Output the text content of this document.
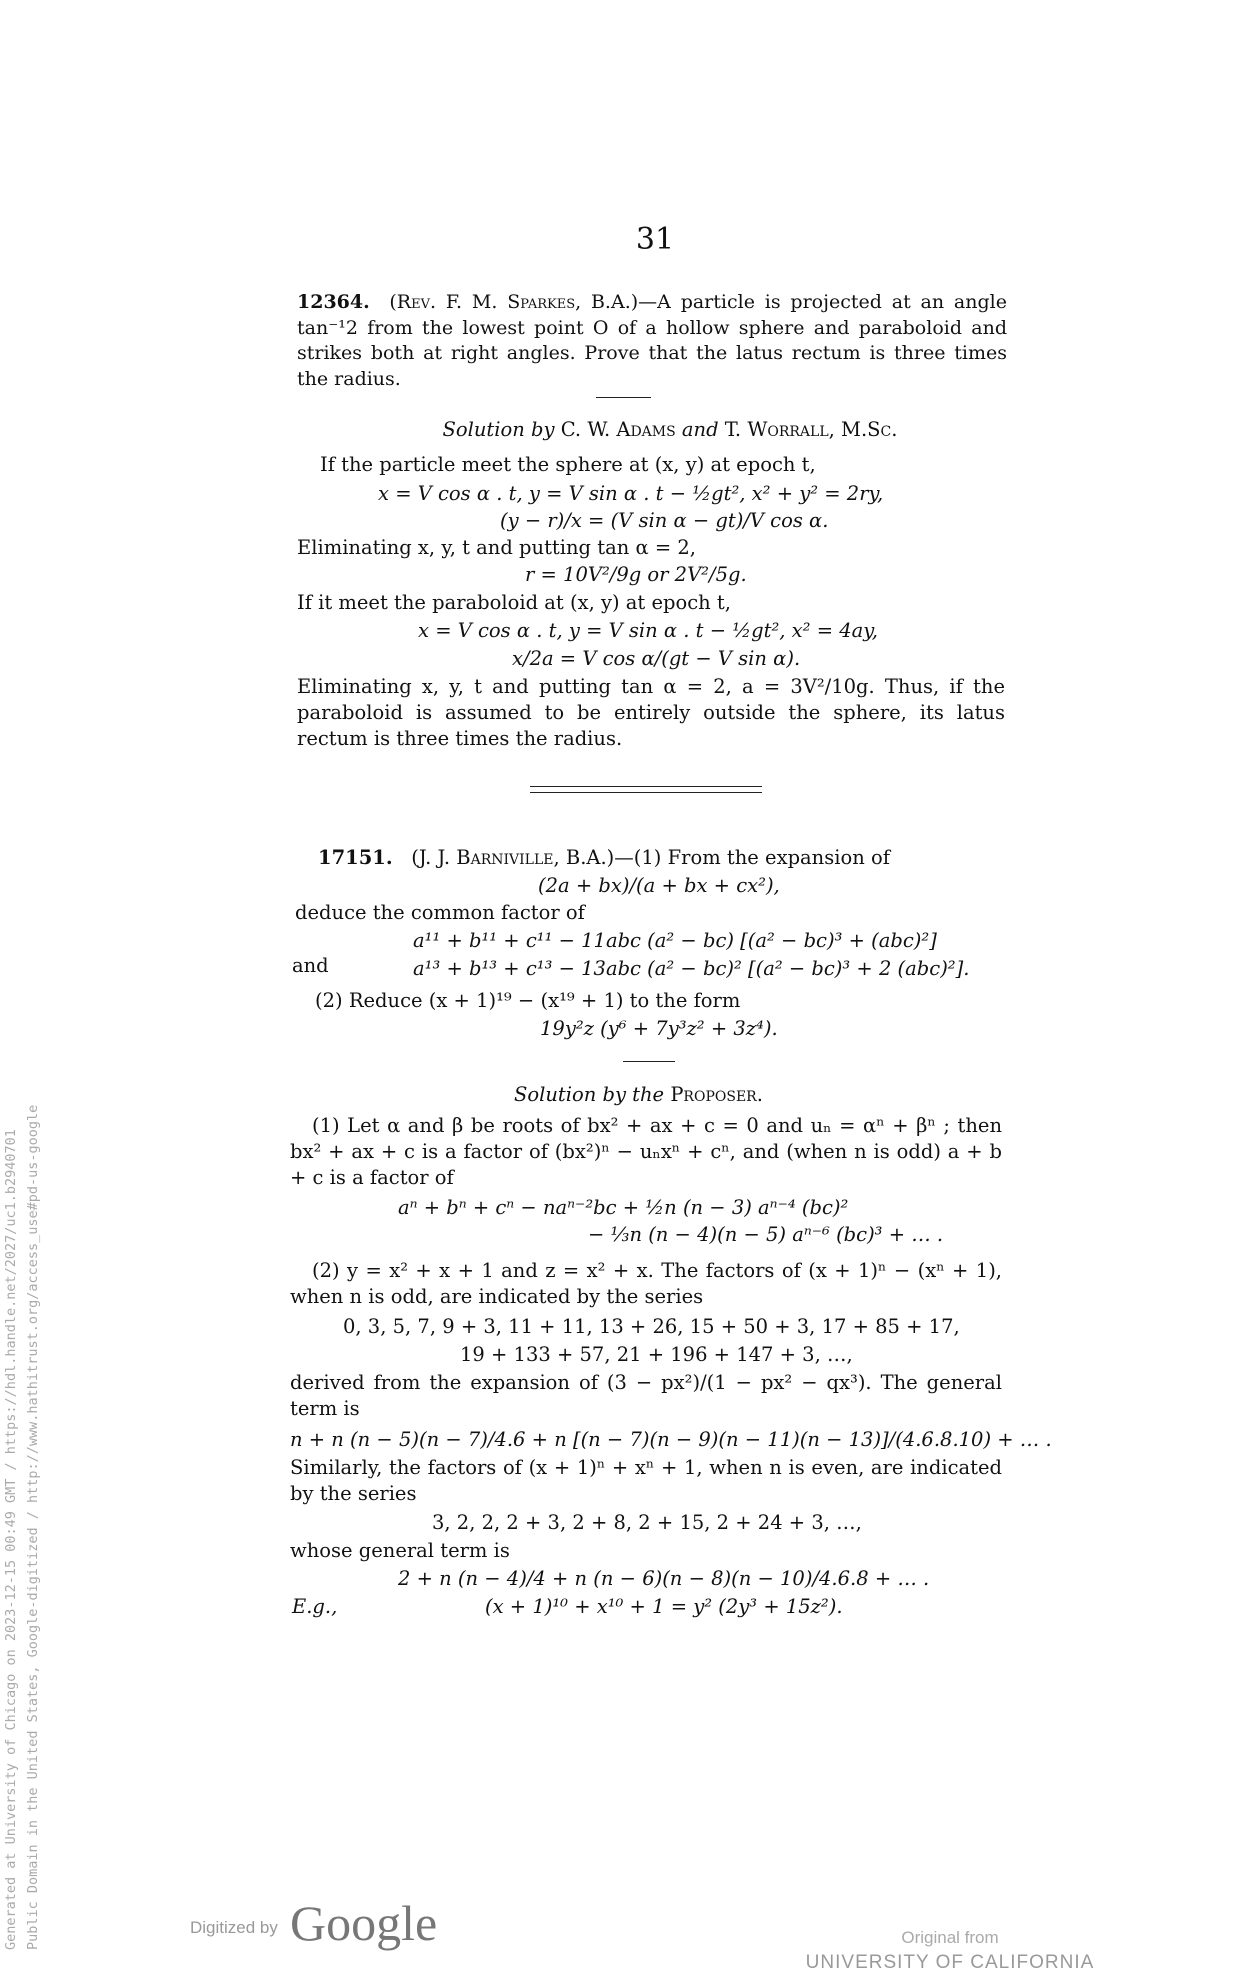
31
12364. (Rev. F. M. Sparkes, B.A.)—A particle is projected at an angle tan⁻¹2 from the lowest point O of a hollow sphere and paraboloid and strikes both at right angles. Prove that the latus rectum is three times the radius.
Solution by C. W. Adams and T. Worrall, M.Sc.
If the particle meet the sphere at (x, y) at epoch t,
x = V cos α . t, y = V sin α . t − ½gt², x² + y² = 2ry,
(y − r)/x = (V sin α − gt)/V cos α.
Eliminating x, y, t and putting tan α = 2,
r = 10V²/9g or 2V²/5g.
If it meet the paraboloid at (x, y) at epoch t,
x = V cos α . t, y = V sin α . t − ½gt², x² = 4ay,
x/2a = V cos α/(gt − V sin α).
Eliminating x, y, t and putting tan α = 2, a = 3V²/10g. Thus, if the paraboloid is assumed to be entirely outside the sphere, its latus rectum is three times the radius.
17151. (J. J. Barniville, B.A.)—(1) From the expansion of
(2a + bx)/(a + bx + cx²),
deduce the common factor of
a¹¹ + b¹¹ + c¹¹ − 11abc (a² − bc) [(a² − bc)³ + (abc)²]
and	a¹³ + b¹³ + c¹³ − 13abc (a² − bc)² [(a² − bc)³ + 2 (abc)²].
(2) Reduce (x + 1)¹⁹ − (x¹⁹ + 1) to the form
19y²z (y⁶ + 7y³z² + 3z⁴).
Solution by the Proposer.
(1) Let α and β be roots of bx² + ax + c = 0 and uₙ = αⁿ + βⁿ ; then bx² + ax + c is a factor of (bx²)ⁿ − uₙxⁿ + cⁿ, and (when n is odd) a + b + c is a factor of
aⁿ + bⁿ + cⁿ − naⁿ⁻²bc + ½n (n − 3) aⁿ⁻⁴ (bc)²
− ⅓n (n − 4)(n − 5) aⁿ⁻⁶ (bc)³ + … .
(2) y = x² + x + 1 and z = x² + x. The factors of (x + 1)ⁿ − (xⁿ + 1), when n is odd, are indicated by the series
0, 3, 5, 7, 9 + 3, 11 + 11, 13 + 26, 15 + 50 + 3, 17 + 85 + 17,
19 + 133 + 57, 21 + 196 + 147 + 3, …,
derived from the expansion of (3 − px²)/(1 − px² − qx³). The general term is
n + n (n − 5)(n − 7)/4.6 + n [(n − 7)(n − 9)(n − 11)(n − 13)]/(4.6.8.10) + … .
Similarly, the factors of (x + 1)ⁿ + xⁿ + 1, when n is even, are indicated by the series
3, 2, 2, 2 + 3, 2 + 8, 2 + 15, 2 + 24 + 3, …,
whose general term is
2 + n (n − 4)/4 + n (n − 6)(n − 8)(n − 10)/4.6.8 + … .
E.g.,	(x + 1)¹⁰ + x¹⁰ + 1 = y² (2y³ + 15z²).
Generated at University of Chicago on 2023-12-15 00:49 GMT / https://hdl.handle.net/2027/uc1.b2940701 Public Domain in the United States, Google-digitized / http://www.hathitrust.org/access_use#pd-us-google	Digitized by Google	Original from
UNIVERSITY OF CALIFORNIA
